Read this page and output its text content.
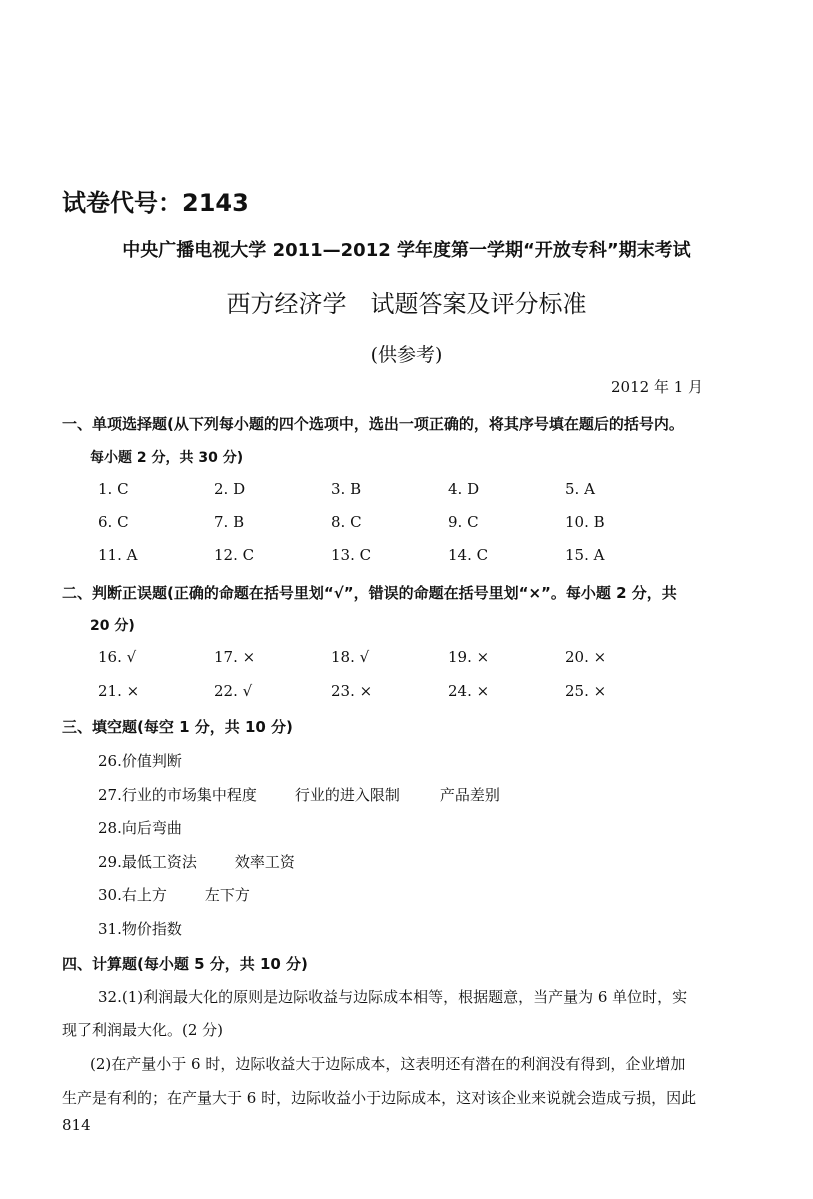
试卷代号：2143
中央广播电视大学 2011—2012 学年度第一学期“开放专科”期末考试
西方经济学　试题答案及评分标准
(供参考)
2012 年 1 月
一、单项选择题(从下列每小题的四个选项中，选出一项正确的，将其序号填在题后的括号内。
每小题 2 分，共 30 分)
1. C	2. D	3. B	4. D	5. A
6. C	7. B	8. C	9. C	10. B
11. A	12. C	13. C	14. C	15. A
二、判断正误题(正确的命题在括号里划“√”，错误的命题在括号里划“×”。每小题 2 分，共
20 分)
16. √	17. ×	18. √	19. ×	20. ×
21. ×	22. √	23. ×	24. ×	25. ×
三、填空题(每空 1 分，共 10 分)
26.价值判断
27.行业的市场集中程度	行业的进入限制	产品差别
28.向后弯曲
29.最低工资法	效率工资
30.右上方	左下方
31.物价指数
四、计算题(每小题 5 分，共 10 分)
32.(1)利润最大化的原则是边际收益与边际成本相等，根据题意，当产量为 6 单位时，实
现了利润最大化。(2 分)
(2)在产量小于 6 时，边际收益大于边际成本，这表明还有潜在的利润没有得到，企业增加
生产是有利的；在产量大于 6 时，边际收益小于边际成本，这对该企业来说就会造成亏损，因此
814
